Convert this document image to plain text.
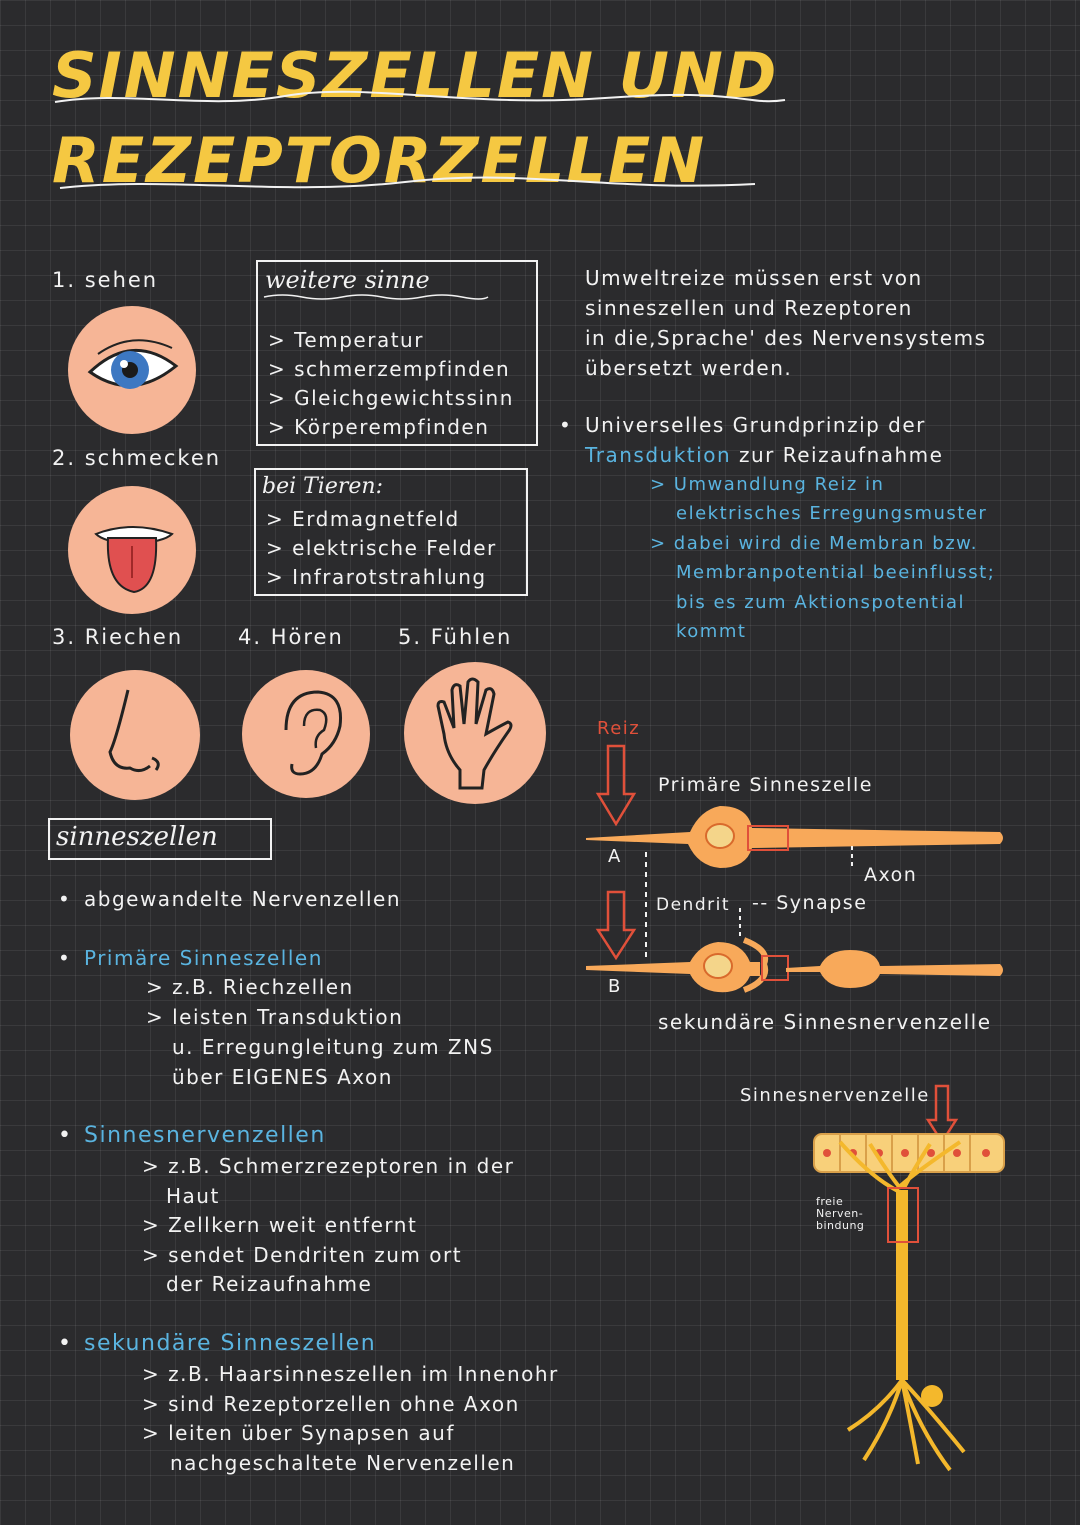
SINNESZELLEN UND
REZEPTORZELLEN
1. sehen
2. schmecken
3. Riechen	4. Hören	5. Fühlen
weitere sinne
> Temperatur
> schmerzempfinden
> Gleichgewichtssinn
> Körperempfinden
bei Tieren:
> Erdmagnetfeld
> elektrische Felder
> Infrarotstrahlung
Umweltreize müssen erst von
sinneszellen und Rezeptoren
in die,Sprache' des Nervensystems
übersetzt werden.
• Universelles Grundprinzip der
Transduktion zur Reizaufnahme
> Umwandlung Reiz in
elektrisches Erregungsmuster
> dabei wird die Membran bzw.
Membranpotential beeinflusst;
bis es zum Aktionspotential
kommt
sinneszellen
• abgewandelte Nervenzellen
• Primäre Sinneszellen
> z.B. Riechzellen
> leisten Transduktion
u. Erregungleitung zum ZNS
über EIGENES Axon
• Sinnesnervenzellen
> z.B. Schmerzrezeptoren in der
Haut
> Zellkern weit entfernt
> sendet Dendriten zum ort
der Reizaufnahme
• sekundäre Sinneszellen
> z.B. Haarsinneszellen im Innenohr
> sind Rezeptorzellen ohne Axon
> leiten über Synapsen auf
nachgeschaltete Nervenzellen
Reiz
Primäre Sinneszelle
A
Axon
Dendrit -- Synapse
B
sekundäre Sinnesnervenzelle
Sinnesnervenzelle
freie
Nerven-
bindung
